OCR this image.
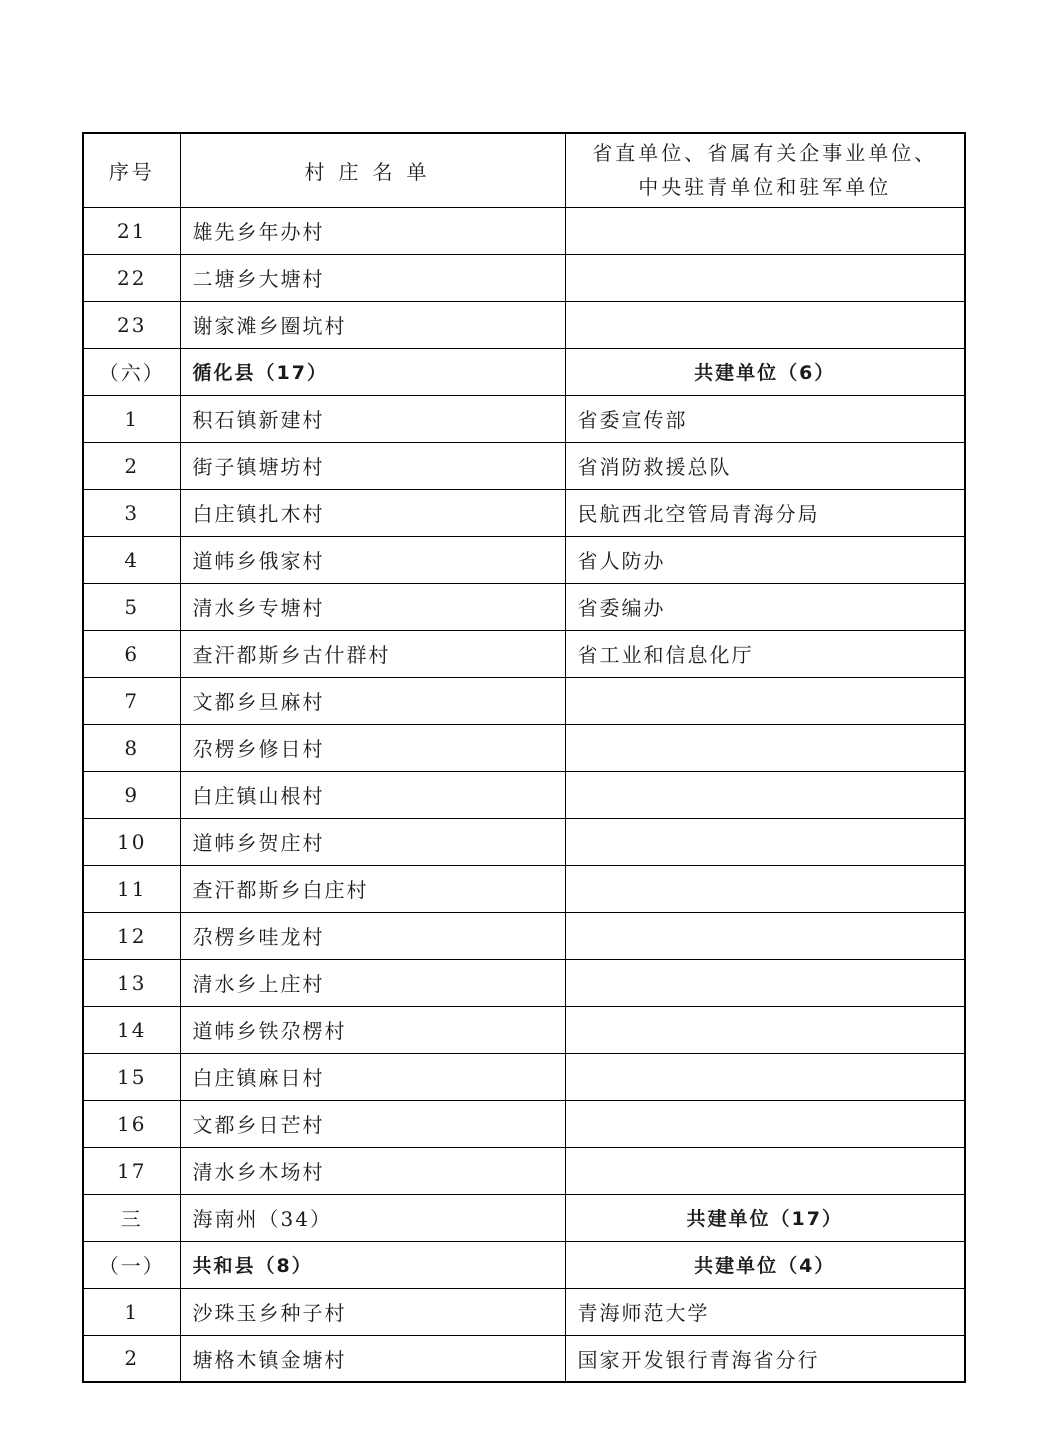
序号	村庄名单	省直单位、省属有关企事业单位、
中央驻青单位和驻军单位

21	雄先乡年办村	
22	二塘乡大塘村	
23	谢家滩乡圈坑村	
（六）	循化县（17）	共建单位（6）
1	积石镇新建村	省委宣传部
2	街子镇塘坊村	省消防救援总队
3	白庄镇扎木村	民航西北空管局青海分局
4	道帏乡俄家村	省人防办
5	清水乡专塘村	省委编办
6	查汗都斯乡古什群村	省工业和信息化厅
7	文都乡旦麻村	
8	尕楞乡修日村	
9	白庄镇山根村	
10	道帏乡贺庄村	
11	查汗都斯乡白庄村	
12	尕楞乡哇龙村	
13	清水乡上庄村	
14	道帏乡铁尕楞村	
15	白庄镇麻日村	
16	文都乡日芒村	
17	清水乡木场村	
三	海南州（34）	共建单位（17）
（一）	共和县（8）	共建单位（4）
1	沙珠玉乡种子村	青海师范大学
2	塘格木镇金塘村	国家开发银行青海省分行
